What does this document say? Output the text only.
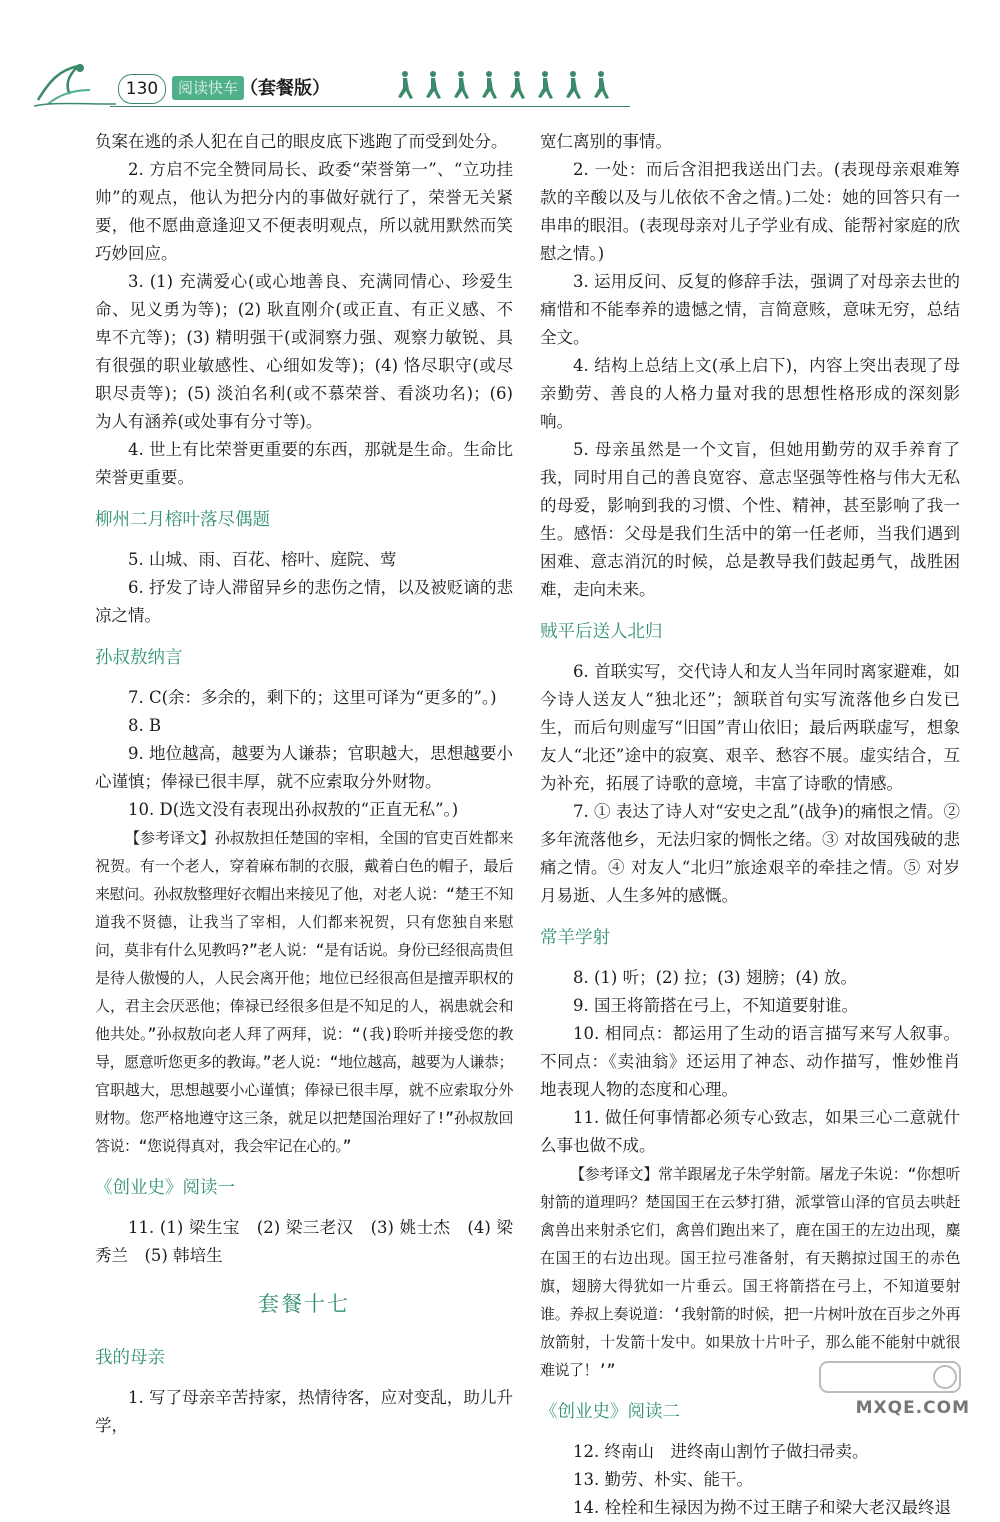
130	阅读快车 （套餐版）

负案在逃的杀人犯在自己的眼皮底下逃跑了而受到处分。

2. 方启不完全赞同局长、政委“荣誉第一”、“立功挂帅”的观点，他认为把分内的事做好就行了，荣誉无关紧要，他不愿曲意逢迎又不便表明观点，所以就用默然而笑巧妙回应。

3. (1) 充满爱心(或心地善良、充满同情心、珍爱生命、见义勇为等)；(2) 耿直刚介(或正直、有正义感、不卑不亢等)；(3) 精明强干(或洞察力强、观察力敏锐、具有很强的职业敏感性、心细如发等)；(4) 恪尽职守(或尽职尽责等)；(5) 淡泊名利(或不慕荣誉、看淡功名)；(6) 为人有涵养(或处事有分寸等)。

4. 世上有比荣誉更重要的东西，那就是生命。生命比荣誉更重要。

柳州二月榕叶落尽偶题

5. 山城、雨、百花、榕叶、庭院、莺

6. 抒发了诗人滞留异乡的悲伤之情，以及被贬谪的悲凉之情。

孙叔敖纳言

7. C(余：多余的，剩下的；这里可译为“更多的”。)

8. B

9. 地位越高，越要为人谦恭；官职越大，思想越要小心谨慎；俸禄已很丰厚，就不应索取分外财物。

10. D(选文没有表现出孙叔敖的“正直无私”。)

【参考译文】孙叔敖担任楚国的宰相，全国的官吏百姓都来祝贺。有一个老人，穿着麻布制的衣服，戴着白色的帽子，最后来慰问。孙叔敖整理好衣帽出来接见了他，对老人说：“楚王不知道我不贤德，让我当了宰相，人们都来祝贺，只有您独自来慰问，莫非有什么见教吗?”老人说：“是有话说。身份已经很高贵但是待人傲慢的人，人民会离开他；地位已经很高但是擅弄职权的人，君主会厌恶他；俸禄已经很多但是不知足的人，祸患就会和他共处。”孙叔敖向老人拜了两拜，说：“(我)聆听并接受您的教导，愿意听您更多的教诲。”老人说：“地位越高，越要为人谦恭；官职越大，思想越要小心谨慎；俸禄已很丰厚，就不应索取分外财物。您严格地遵守这三条，就足以把楚国治理好了!”孙叔敖回答说：“您说得真对，我会牢记在心的。”

《创业史》阅读一

11. (1) 梁生宝　(2) 梁三老汉　(3) 姚士杰　(4) 梁秀兰　(5) 韩培生

套餐十七
我的母亲

1. 写了母亲辛苦持家，热情待客，应对变乱，助儿升学，

宽仁离别的事情。

2. 一处：而后含泪把我送出门去。(表现母亲艰难筹款的辛酸以及与儿依依不舍之情。)二处：她的回答只有一串串的眼泪。(表现母亲对儿子学业有成、能帮衬家庭的欣慰之情。)

3. 运用反问、反复的修辞手法，强调了对母亲去世的痛惜和不能奉养的遗憾之情，言简意赅，意味无穷，总结全文。

4. 结构上总结上文(承上启下)，内容上突出表现了母亲勤劳、善良的人格力量对我的思想性格形成的深刻影响。

5. 母亲虽然是一个文盲，但她用勤劳的双手养育了我，同时用自己的善良宽容、意志坚强等性格与伟大无私的母爱，影响到我的习惯、个性、精神，甚至影响了我一生。感悟：父母是我们生活中的第一任老师，当我们遇到困难、意志消沉的时候，总是教导我们鼓起勇气，战胜困难，走向未来。

贼平后送人北归

6. 首联实写，交代诗人和友人当年同时离家避难，如今诗人送友人“独北还”；颔联首句实写流落他乡白发已生，而后句则虚写“旧国”青山依旧；最后两联虚写，想象友人“北还”途中的寂寞、艰辛、愁容不展。虚实结合，互为补充，拓展了诗歌的意境，丰富了诗歌的情感。

7. ① 表达了诗人对“安史之乱”(战争)的痛恨之情。② 多年流落他乡，无法归家的惆怅之绪。③ 对故国残破的悲痛之情。④ 对友人“北归”旅途艰辛的牵挂之情。⑤ 对岁月易逝、人生多舛的感慨。

常羊学射

8. (1) 听；(2) 拉；(3) 翅膀；(4) 放。

9. 国王将箭搭在弓上，不知道要射谁。

10. 相同点：都运用了生动的语言描写来写人叙事。不同点：《卖油翁》还运用了神态、动作描写，惟妙惟肖地表现人物的态度和心理。

11. 做任何事情都必须专心致志，如果三心二意就什么事也做不成。

【参考译文】常羊跟屠龙子朱学射箭。屠龙子朱说：“你想听射箭的道理吗？楚国国王在云梦打猎，派掌管山泽的官员去哄赶禽兽出来射杀它们，禽兽们跑出来了，鹿在国王的左边出现，麋在国王的右边出现。国王拉弓准备射，有天鹅掠过国王的赤色旗，翅膀大得犹如一片垂云。国王将箭搭在弓上，不知道要射谁。养叔上奏说道：‘我射箭的时候，把一片树叶放在百步之外再放箭射，十发箭十发中。如果放十片叶子，那么能不能射中就很难说了！’”

《创业史》阅读二

12. 终南山　进终南山割竹子做扫帚卖。

13. 勤劳、朴实、能干。

14. 栓栓和生禄因为拗不过王瞎子和梁大老汉最终退

MXQE.COM
